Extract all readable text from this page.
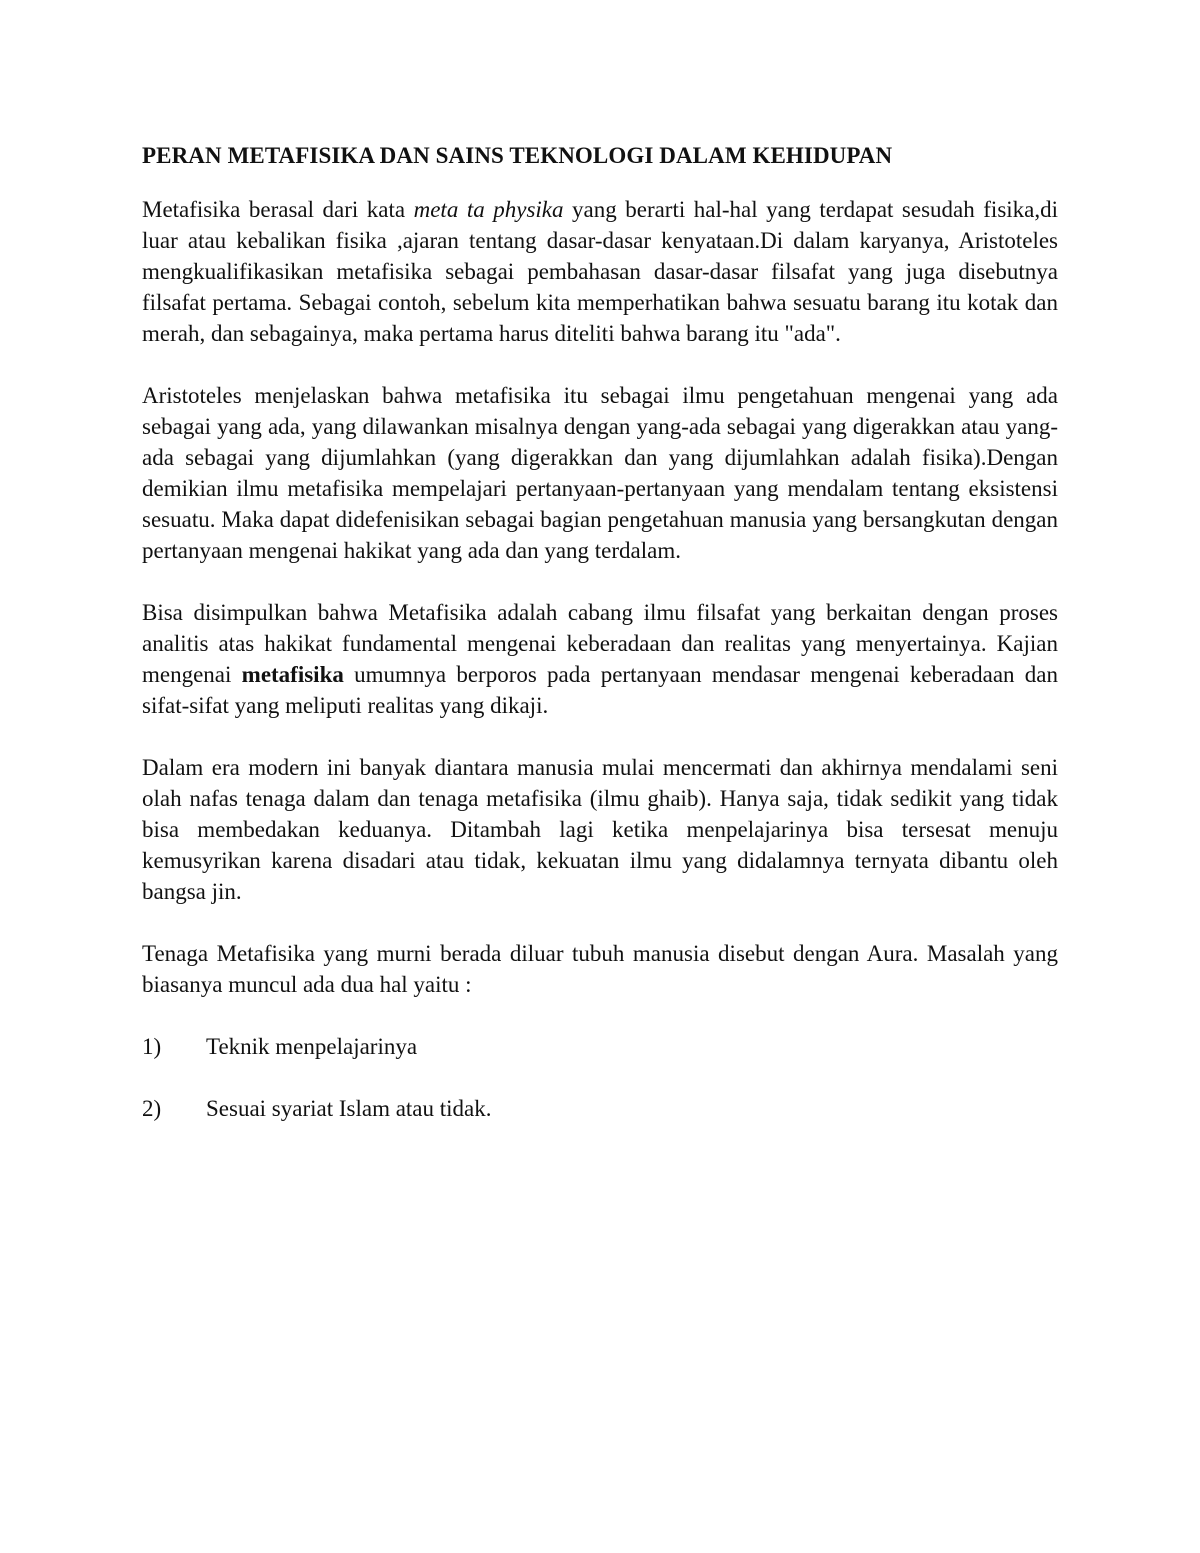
PERAN METAFISIKA DAN SAINS TEKNOLOGI DALAM KEHIDUPAN

Metafisika berasal dari kata meta ta physika yang berarti hal-hal yang terdapat sesudah fisika,di luar atau kebalikan fisika ,ajaran tentang dasar-dasar kenyataan.Di dalam karyanya, Aristoteles mengkualifikasikan metafisika sebagai pembahasan dasar-dasar filsafat yang juga disebutnya filsafat pertama. Sebagai contoh, sebelum kita memperhatikan bahwa sesuatu barang itu kotak dan merah, dan sebagainya, maka pertama harus diteliti bahwa barang itu "ada".

Aristoteles menjelaskan bahwa metafisika itu sebagai ilmu pengetahuan mengenai yang ada sebagai yang ada, yang dilawankan misalnya dengan yang-ada sebagai yang digerakkan atau yang-ada sebagai yang dijumlahkan (yang digerakkan dan yang dijumlahkan adalah fisika).Dengan demikian ilmu metafisika mempelajari pertanyaan-pertanyaan yang mendalam tentang eksistensi sesuatu. Maka dapat didefenisikan sebagai bagian pengetahuan manusia yang bersangkutan dengan pertanyaan mengenai hakikat yang ada dan yang terdalam.

Bisa disimpulkan bahwa Metafisika adalah cabang ilmu filsafat yang berkaitan dengan proses analitis atas hakikat fundamental mengenai keberadaan dan realitas yang menyertainya. Kajian mengenai metafisika umumnya berporos pada pertanyaan mendasar mengenai keberadaan dan sifat-sifat yang meliputi realitas yang dikaji.

Dalam era modern ini banyak diantara manusia mulai mencermati dan akhirnya mendalami seni olah nafas tenaga dalam dan tenaga metafisika (ilmu ghaib). Hanya saja, tidak sedikit yang tidak bisa membedakan keduanya. Ditambah lagi ketika menpelajarinya bisa tersesat menuju kemusyrikan karena disadari atau tidak, kekuatan ilmu yang didalamnya ternyata dibantu oleh bangsa jin.

Tenaga Metafisika yang murni berada diluar tubuh manusia disebut dengan Aura. Masalah yang biasanya muncul ada dua hal yaitu :

1)	Teknik menpelajarinya
2)	Sesuai syariat Islam atau tidak.
